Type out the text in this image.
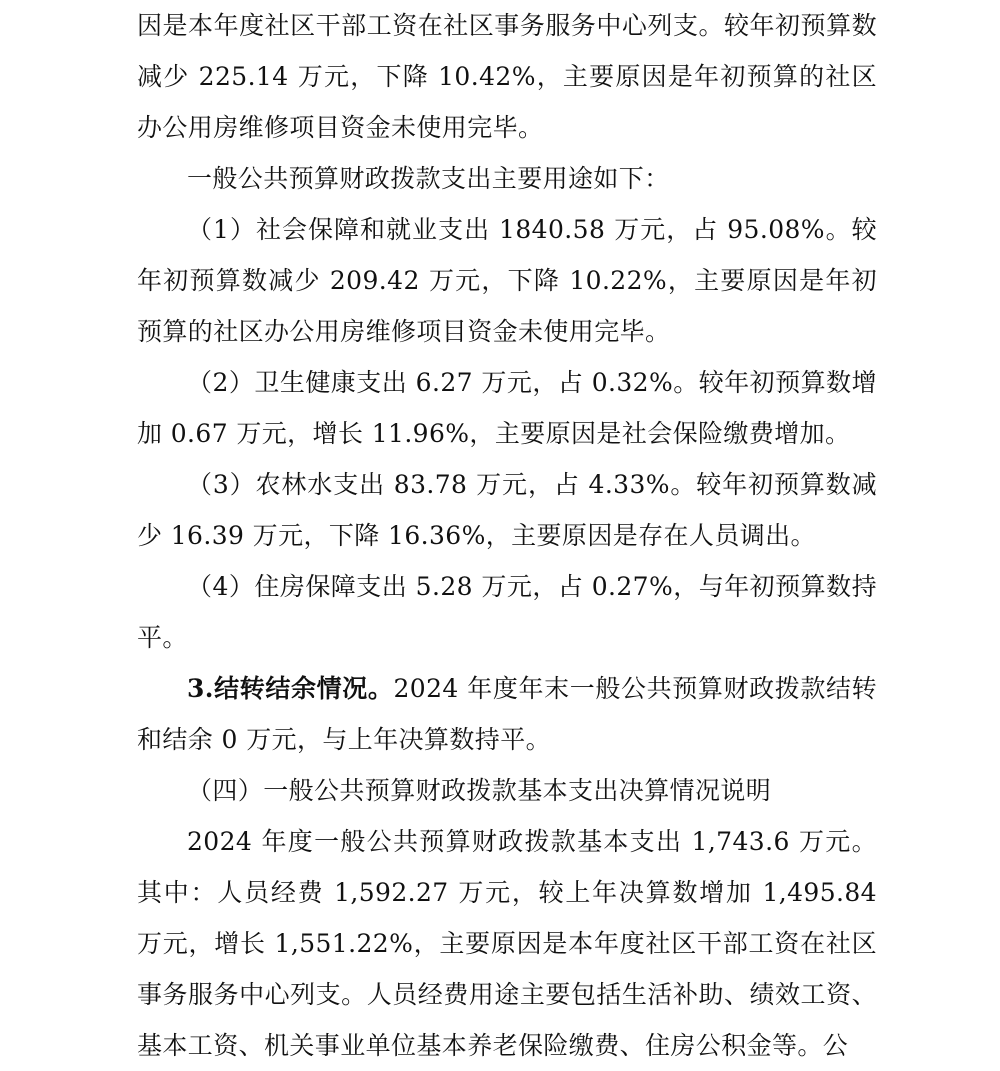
因是本年度社区干部工资在社区事务服务中心列支。较年初预算数减少 225.14 万元，下降 10.42%，主要原因是年初预算的社区办公用房维修项目资金未使用完毕。

一般公共预算财政拨款支出主要用途如下：

（1）社会保障和就业支出 1840.58 万元，占 95.08%。较年初预算数减少 209.42 万元，下降 10.22%，主要原因是年初预算的社区办公用房维修项目资金未使用完毕。

（2）卫生健康支出 6.27 万元，占 0.32%。较年初预算数增加 0.67 万元，增长 11.96%，主要原因是社会保险缴费增加。

（3）农林水支出 83.78 万元，占 4.33%。较年初预算数减少 16.39 万元，下降 16.36%，主要原因是存在人员调出。

（4）住房保障支出 5.28 万元，占 0.27%，与年初预算数持平。

3.结转结余情况。2024 年度年末一般公共预算财政拨款结转和结余 0 万元，与上年决算数持平。

（四）一般公共预算财政拨款基本支出决算情况说明

2024 年度一般公共预算财政拨款基本支出 1,743.6 万元。其中：人员经费 1,592.27 万元，较上年决算数增加 1,495.84 万元，增长 1,551.22%，主要原因是本年度社区干部工资在社区事务服务中心列支。人员经费用途主要包括生活补助、绩效工资、基本工资、机关事业单位基本养老保险缴费、住房公积金等。公
